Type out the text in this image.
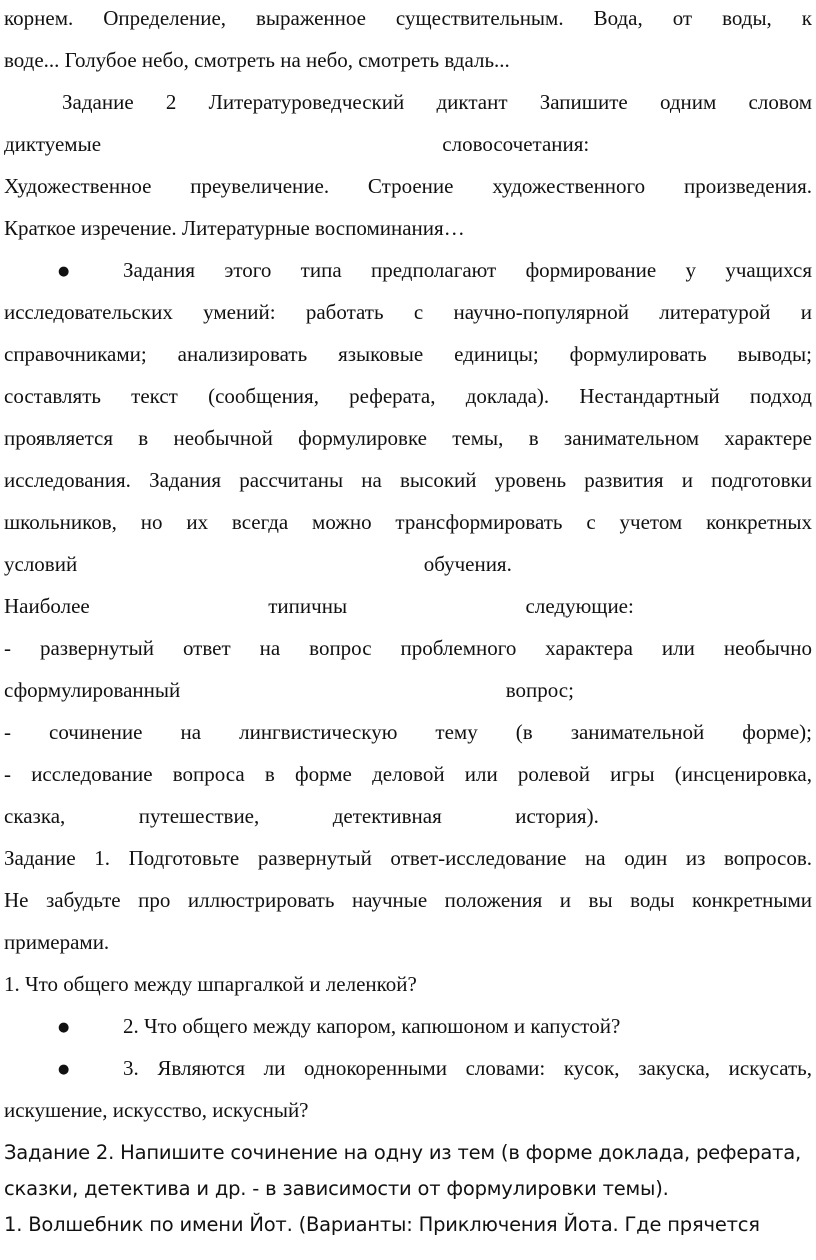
корнем. Определение, выраженное существительным. Вода, от воды, к
воде... Голубое небо, смотреть на небо, смотреть вдаль...
Задание 2 Литературоведческий диктант Запишите одним словом
диктуемые                                                                 словосочетания:
Художественное преувеличение. Строение художественного произведения.
Краткое изречение. Литературные воспоминания…
●	Задания этого типа предполагают формирование у учащихся
исследовательских умений: работать с научно-популярной литературой и
справочниками; анализировать языковые единицы; формулировать выводы;
составлять текст (сообщения, реферата, доклада). Нестандартный подход
проявляется в необычной формулировке темы, в занимательном характере
исследования. Задания рассчитаны на высокий уровень развития и подготовки
школьников, но их всегда можно трансформировать с учетом конкретных
условий                                                                  обучения.
Наиболее                                  типичны                                  следующие:
- развернутый ответ на вопрос проблемного характера или необычно
сформулированный                                                              вопрос;
- сочинение на лингвистическую тему (в занимательной форме);
- исследование вопроса в форме деловой или ролевой игры (инсценировка,
сказка,              путешествие,              детективная              история).
Задание 1. Подготовьте развернутый ответ-исследование на один из вопросов.
Не забудьте про иллюстрировать научные положения и вы воды конкретными
примерами.
1. Что общего между шпаргалкой и леленкой?
●	2. Что общего между капором, капюшоном и капустой?
●	3. Являются ли однокоренными словами: кусок, закуска, искусать,
искушение, искусство, искусный?
Задание 2. Напишите сочинение на одну из тем (в форме доклада, реферата,
сказки, детектива и др. - в зависимости от формулировки темы).
1. Волшебник по имени Йот. (Варианты: Приключения Йота. Где прячется
